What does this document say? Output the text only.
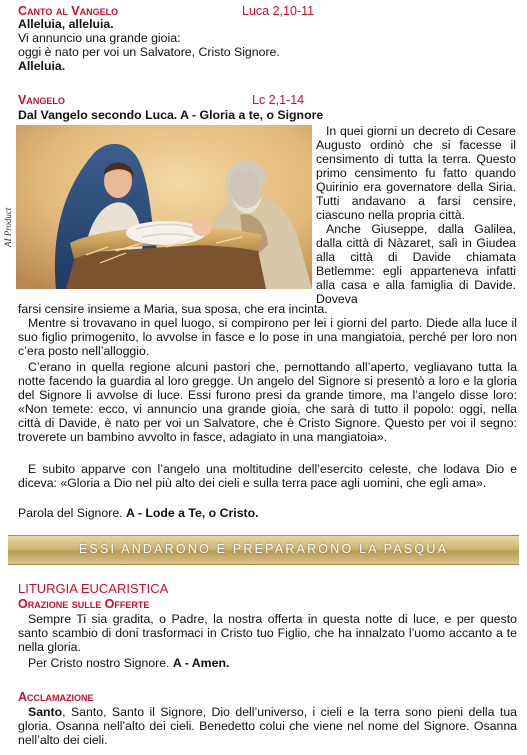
Canto al Vangelo	Luca 2,10-11
Alleluia, alleluia.
Vi annuncio una grande gioia:
oggi è nato per voi un Salvatore, Cristo Signore.
Alleluia.
Vangelo	Lc 2,1-14
Dal Vangelo secondo Luca. A - Gloria a te, o Signore
AI Product

In quei giorni un decreto di Cesare Augusto ordinò che si facesse il censimento di tutta la terra. Questo primo censimento fu fatto quando Quirinio era governatore della Siria. Tutti andavano a farsi censire, ciascuno nella propria città.

Anche Giuseppe, dalla Galilea, dalla città di Nàzaret, salì in Giudea alla città di Davide chiamata Betlemme: egli apparteneva infatti alla casa e alla famiglia di Davide. Doveva

farsi censire insieme a Maria, sua sposa, che era incinta.

Mentre si trovavano in quel luogo, si compirono per lei i giorni del parto. Diede alla luce il suo figlio primogenito, lo avvolse in fasce e lo pose in una mangiatoia, perché per loro non c’era posto nell’alloggio.

C’erano in quella regione alcuni pastori che, pernottando all’aperto, vegliavano tutta la notte facendo la guardia al loro gregge. Un angelo del Signore si presentò a loro e la gloria del Signore li avvolse di luce. Essi furono presi da grande timore, ma l’angelo disse loro: «Non temete: ecco, vi annuncio una grande gioia, che sarà di tutto il popolo: oggi, nella città di Davide, è nato per voi un Salvatore, che è Cristo Signore. Questo per voi il segno: troverete un bambino avvolto in fasce, adagiato in una mangiatoia».

E subito apparve con l’angelo una moltitudine dell’esercito celeste, che lodava Dio e diceva: «Gloria a Dio nel più alto dei cieli e sulla terra pace agli uomini, che egli ama».

Parola del Signore. A - Lode a Te, o Cristo.
ESSI ANDARONO E PREPARARONO LA PASQUA
LITURGIA EUCARISTICA
Orazione sulle Offerte

Sempre Ti sia gradita, o Padre, la nostra offerta in questa notte di luce, e per questo santo scambio di doni trasformaci in Cristo tuo Figlio, che ha innalzato l’uomo accanto a te nella gloria.

Per Cristo nostro Signore. A - Amen.
Acclamazione

Santo, Santo, Santo il Signore, Dio dell’universo, i cieli e la terra sono pieni della tua gloria. Osanna nell’alto dei cieli. Benedetto colui che viene nel nome del Signore. Osanna nell’alto dei cieli.
